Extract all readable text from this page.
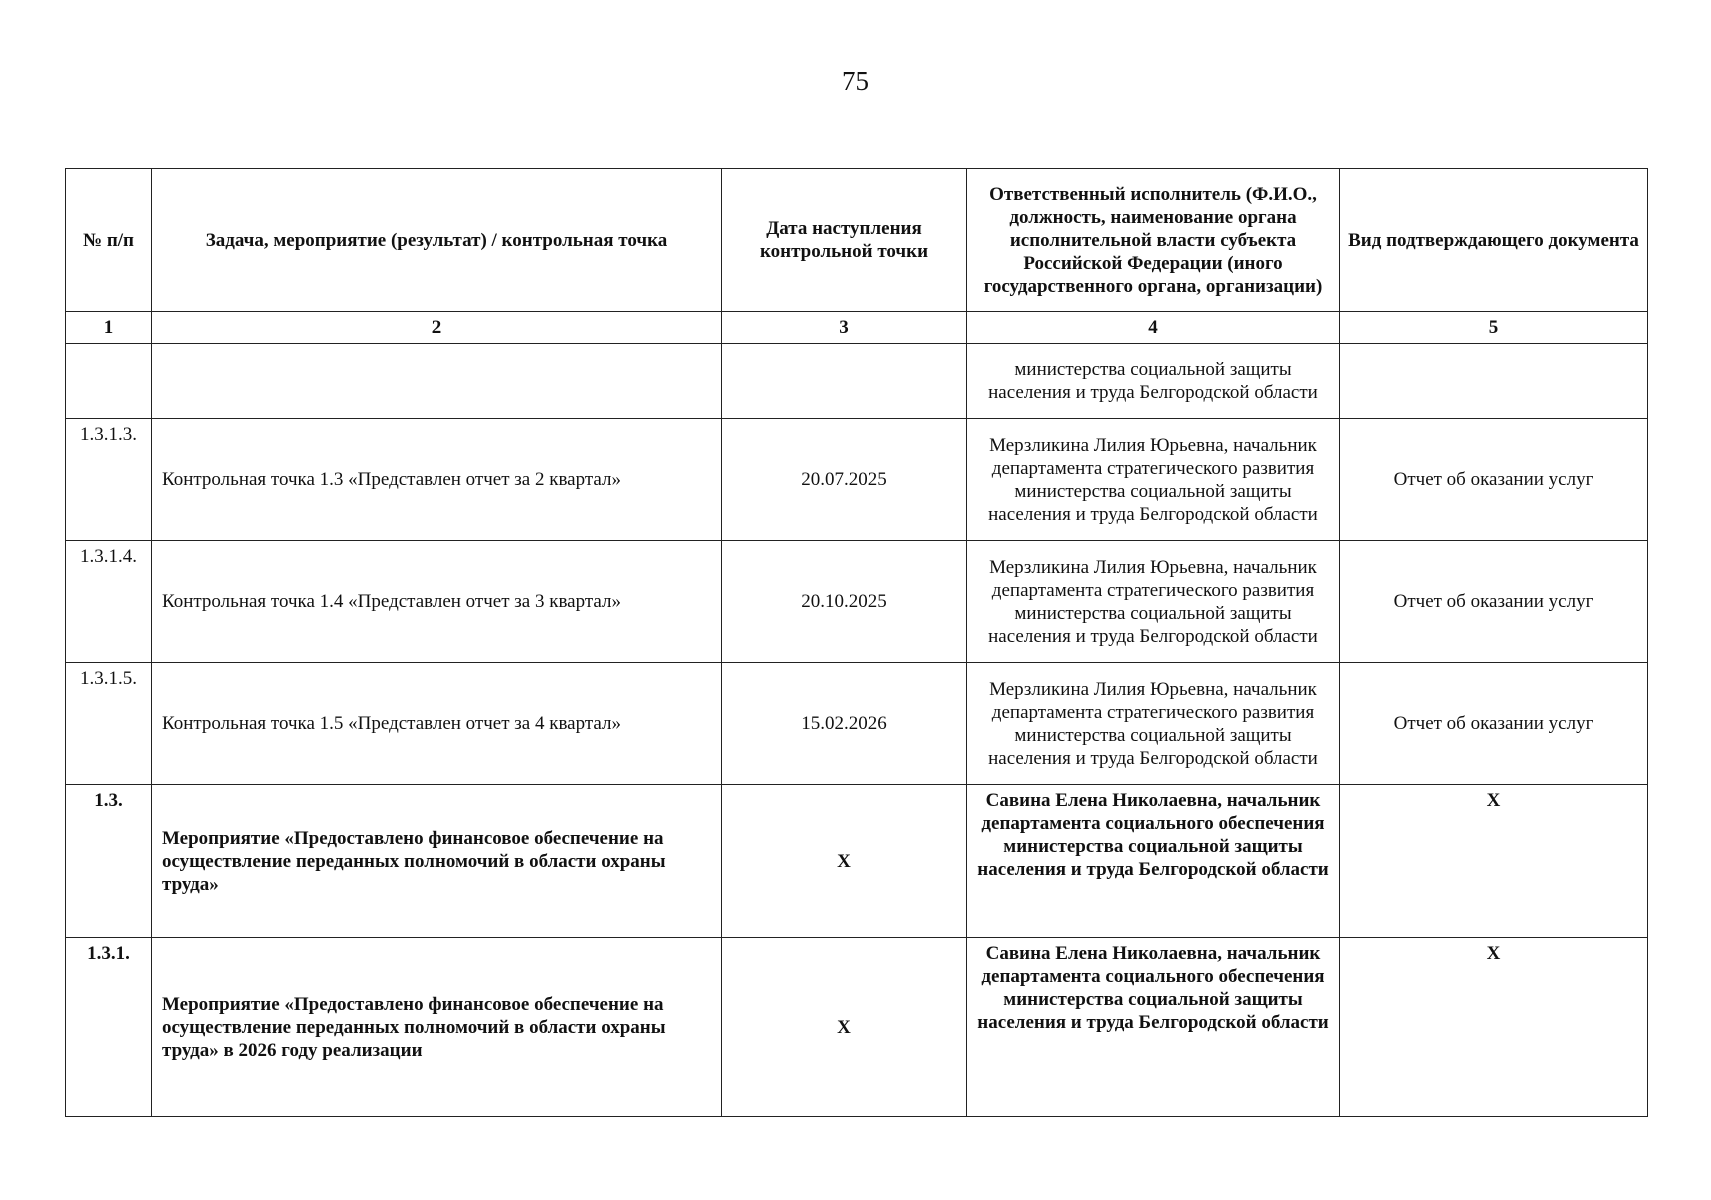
75
№ п/п	Задача, мероприятие (результат) / контрольная точка	Дата наступления контрольной точки	Ответственный исполнитель (Ф.И.О., должность, наименование органа исполнительной власти субъекта Российской Федерации (иного государственного органа, организации)	Вид подтверждающего документа
1	2	3	4	5
			министерства социальной защиты населения и труда Белгородской области	
1.3.1.3.	Контрольная точка 1.3 «Представлен отчет за 2 квартал»	20.07.2025	Мерзликина Лилия Юрьевна, начальник департамента стратегического развития министерства социальной защиты населения и труда Белгородской области	Отчет об оказании услуг
1.3.1.4.	Контрольная точка 1.4 «Представлен отчет за 3 квартал»	20.10.2025	Мерзликина Лилия Юрьевна, начальник департамента стратегического развития министерства социальной защиты населения и труда Белгородской области	Отчет об оказании услуг
1.3.1.5.	Контрольная точка 1.5 «Представлен отчет за 4 квартал»	15.02.2026	Мерзликина Лилия Юрьевна, начальник департамента стратегического развития министерства социальной защиты населения и труда Белгородской области	Отчет об оказании услуг
1.3.	Мероприятие «Предоставлено финансовое обеспечение на осуществление переданных полномочий в области охраны труда»	X	Савина Елена Николаевна, начальник департамента социального обеспечения министерства социальной защиты населения и труда Белгородской области	X
1.3.1.	Мероприятие «Предоставлено финансовое обеспечение на осуществление переданных полномочий в области охраны труда» в 2026 году реализации	X	Савина Елена Николаевна, начальник департамента социального обеспечения министерства социальной защиты населения и труда Белгородской области	X
